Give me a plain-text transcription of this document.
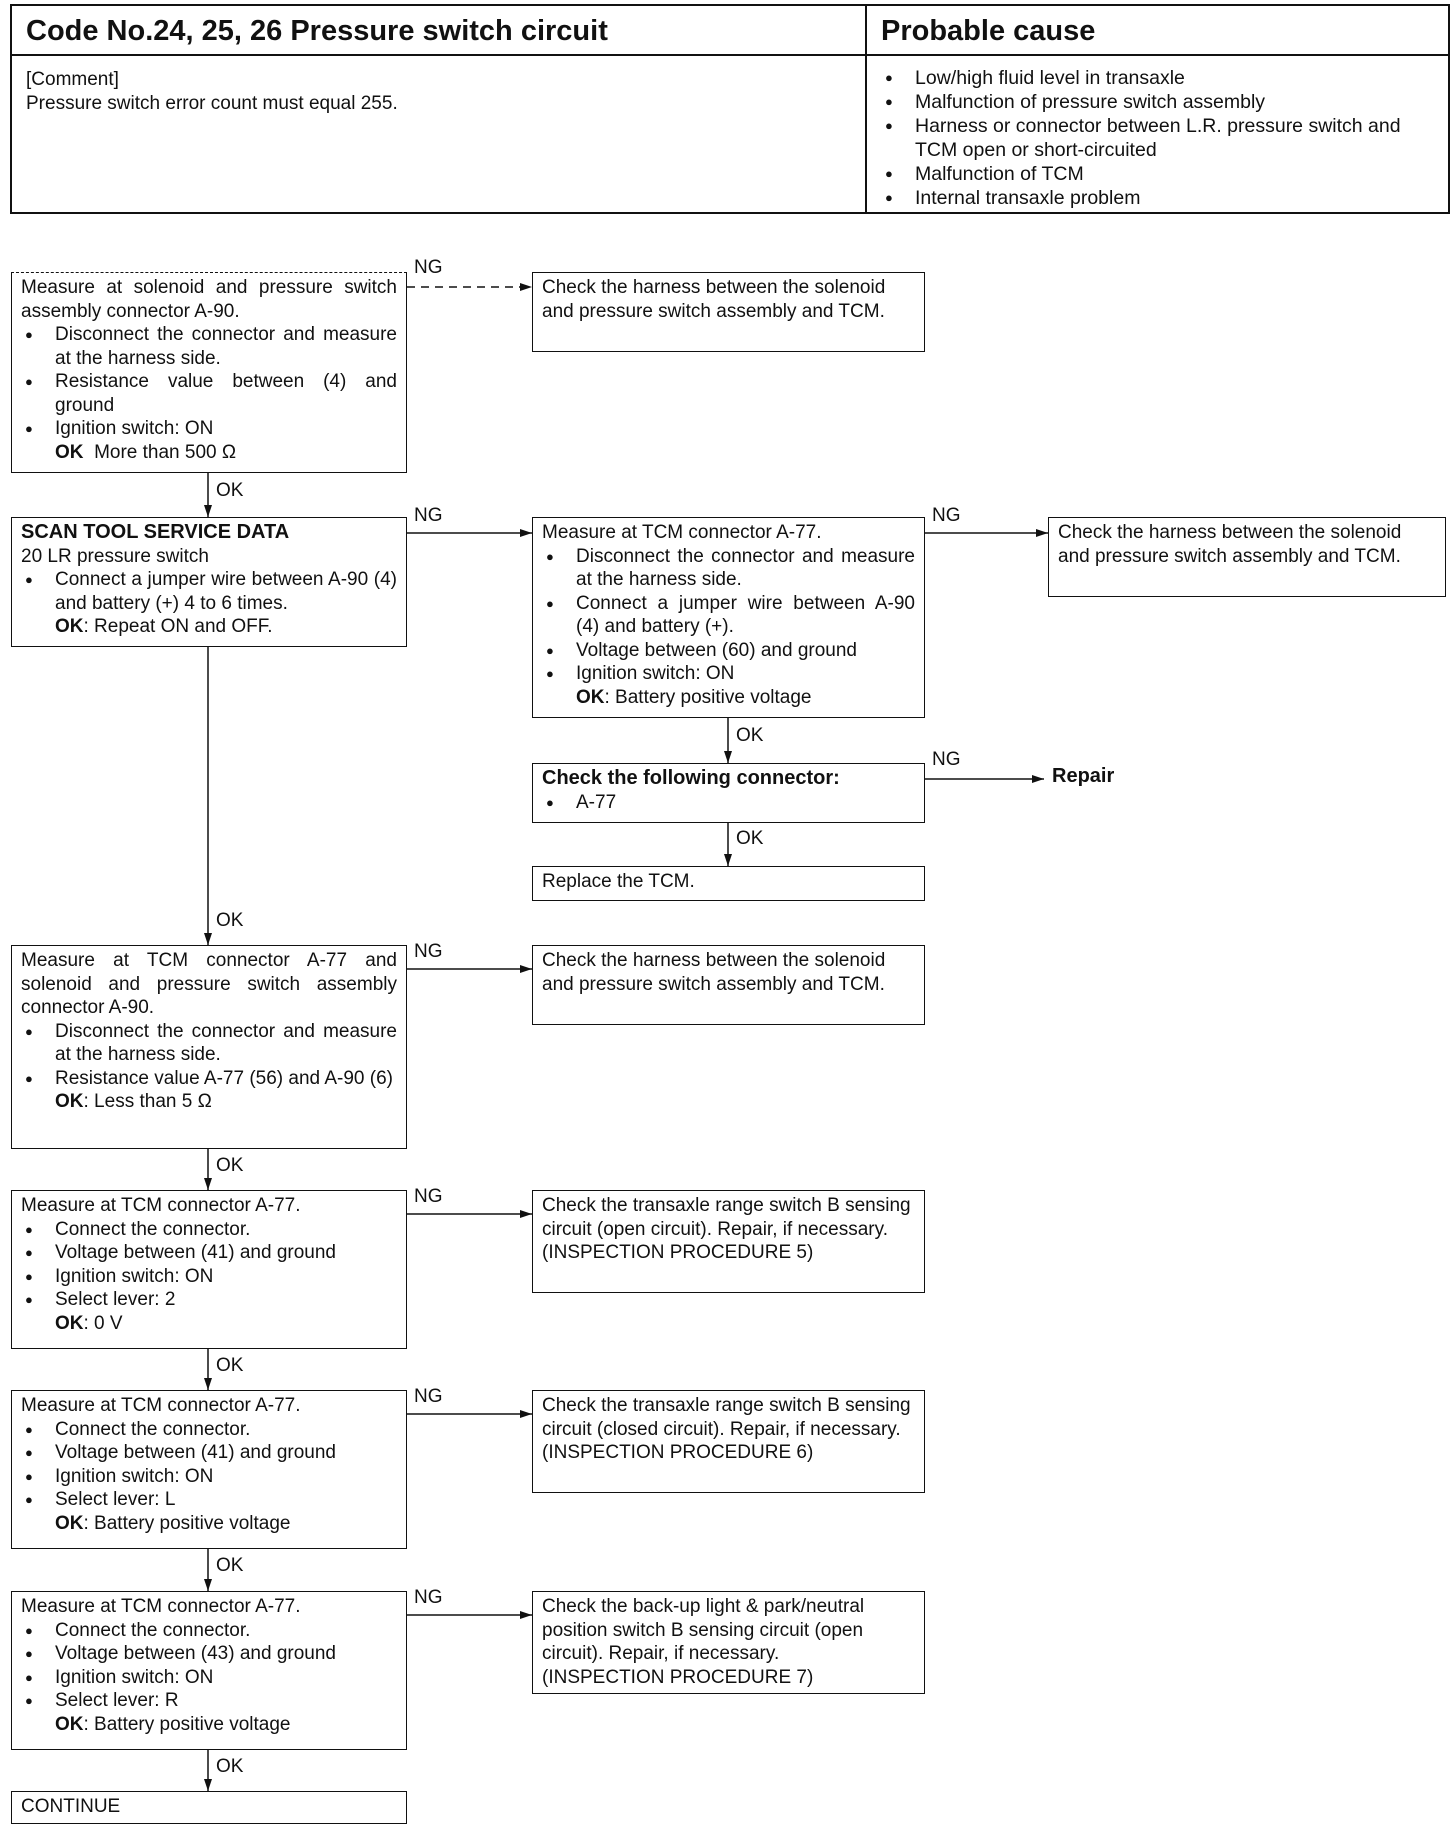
Code No.24, 25, 26 Pressure switch circuit	Probable cause
[Comment]
Pressure switch error count must equal 255.
● Low/high fluid level in transaxle
● Malfunction of pressure switch assembly
● Harness or connector between L.R. pressure switch and TCM open or short-circuited
● Malfunction of TCM
● Internal transaxle problem
Measure at solenoid and pressure switch assembly connector A-90.
● Disconnect the connector and measure at the harness side.
● Resistance value between (4) and ground
● Ignition switch: ON
OK More than 500 Ω
Check the harness between the solenoid and pressure switch assembly and TCM.
SCAN TOOL SERVICE DATA
20 LR pressure switch
● Connect a jumper wire between A-90 (4) and battery (+) 4 to 6 times.
OK: Repeat ON and OFF.
Measure at TCM connector A-77.
● Disconnect the connector and measure at the harness side.
● Connect a jumper wire between A-90 (4) and battery (+).
● Voltage between (60) and ground
● Ignition switch: ON
OK: Battery positive voltage
Check the harness between the solenoid and pressure switch assembly and TCM.
Check the following connector:
● A-77
Repair
Replace the TCM.
Measure at TCM connector A-77 and solenoid and pressure switch assembly connector A-90.
● Disconnect the connector and measure at the harness side.
● Resistance value A-77 (56) and A-90 (6)
OK: Less than 5 Ω
Check the harness between the solenoid and pressure switch assembly and TCM.
Measure at TCM connector A-77.
● Connect the connector.
● Voltage between (41) and ground
● Ignition switch: ON
● Select lever: 2
OK: 0 V
Check the transaxle range switch B sensing circuit (open circuit). Repair, if necessary.
(INSPECTION PROCEDURE 5)
Measure at TCM connector A-77.
● Connect the connector.
● Voltage between (41) and ground
● Ignition switch: ON
● Select lever: L
OK: Battery positive voltage
Check the transaxle range switch B sensing circuit (closed circuit). Repair, if necessary.
(INSPECTION PROCEDURE 6)
Measure at TCM connector A-77.
● Connect the connector.
● Voltage between (43) and ground
● Ignition switch: ON
● Select lever: R
OK: Battery positive voltage
Check the back-up light & park/neutral position switch B sensing circuit (open circuit). Repair, if necessary.
(INSPECTION PROCEDURE 7)
CONTINUE
OK
OK
OK
OK
OK
OK
OK
OK
NG
NG	NG
NG
NG
NG
NG
NG
